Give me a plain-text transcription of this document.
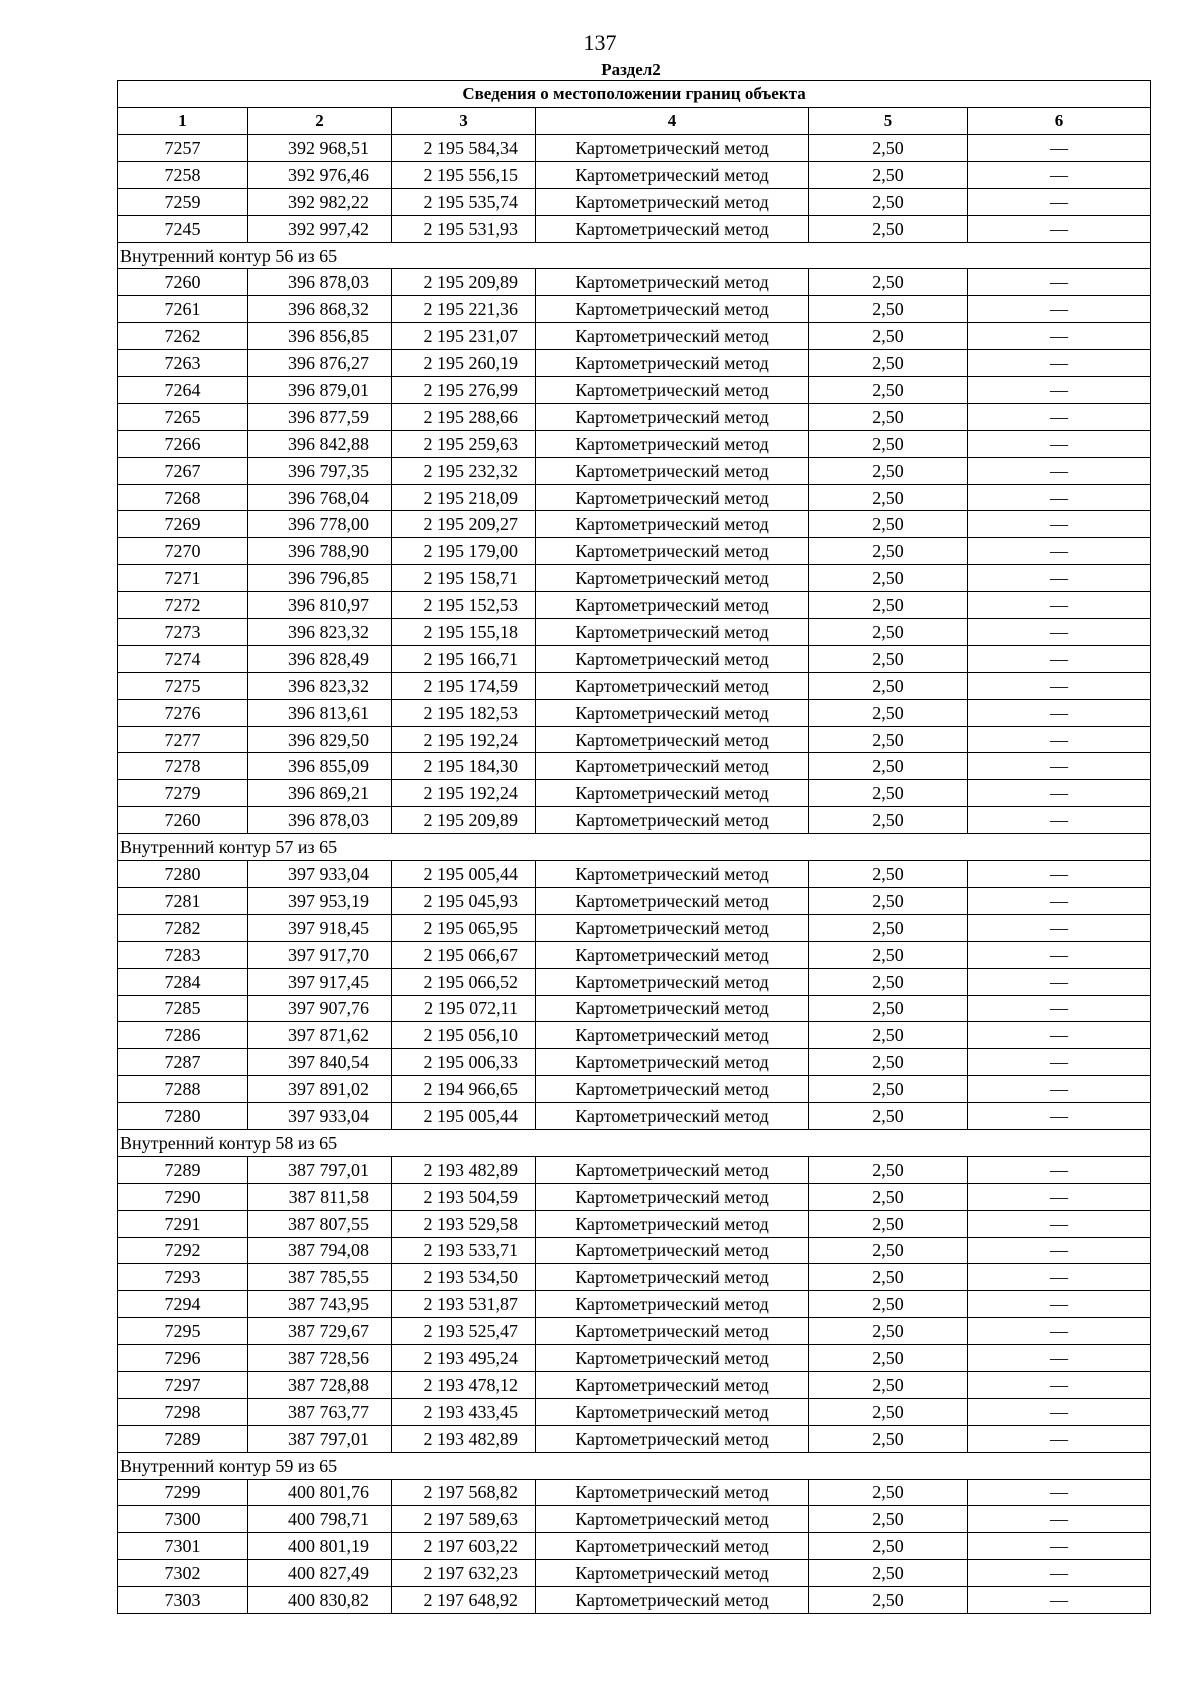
137
Раздел2
Сведения о местоположении границ объекта					
1	2	3	4	5	6
7257	392 968,51	2 195 584,34	Картометрический метод	2,50	—
7258	392 976,46	2 195 556,15	Картометрический метод	2,50	—
7259	392 982,22	2 195 535,74	Картометрический метод	2,50	—
7245	392 997,42	2 195 531,93	Картометрический метод	2,50	—
Внутренний контур 56 из 65					
7260	396 878,03	2 195 209,89	Картометрический метод	2,50	—
7261	396 868,32	2 195 221,36	Картометрический метод	2,50	—
7262	396 856,85	2 195 231,07	Картометрический метод	2,50	—
7263	396 876,27	2 195 260,19	Картометрический метод	2,50	—
7264	396 879,01	2 195 276,99	Картометрический метод	2,50	—
7265	396 877,59	2 195 288,66	Картометрический метод	2,50	—
7266	396 842,88	2 195 259,63	Картометрический метод	2,50	—
7267	396 797,35	2 195 232,32	Картометрический метод	2,50	—
7268	396 768,04	2 195 218,09	Картометрический метод	2,50	—
7269	396 778,00	2 195 209,27	Картометрический метод	2,50	—
7270	396 788,90	2 195 179,00	Картометрический метод	2,50	—
7271	396 796,85	2 195 158,71	Картометрический метод	2,50	—
7272	396 810,97	2 195 152,53	Картометрический метод	2,50	—
7273	396 823,32	2 195 155,18	Картометрический метод	2,50	—
7274	396 828,49	2 195 166,71	Картометрический метод	2,50	—
7275	396 823,32	2 195 174,59	Картометрический метод	2,50	—
7276	396 813,61	2 195 182,53	Картометрический метод	2,50	—
7277	396 829,50	2 195 192,24	Картометрический метод	2,50	—
7278	396 855,09	2 195 184,30	Картометрический метод	2,50	—
7279	396 869,21	2 195 192,24	Картометрический метод	2,50	—
7260	396 878,03	2 195 209,89	Картометрический метод	2,50	—
Внутренний контур 57 из 65					
7280	397 933,04	2 195 005,44	Картометрический метод	2,50	—
7281	397 953,19	2 195 045,93	Картометрический метод	2,50	—
7282	397 918,45	2 195 065,95	Картометрический метод	2,50	—
7283	397 917,70	2 195 066,67	Картометрический метод	2,50	—
7284	397 917,45	2 195 066,52	Картометрический метод	2,50	—
7285	397 907,76	2 195 072,11	Картометрический метод	2,50	—
7286	397 871,62	2 195 056,10	Картометрический метод	2,50	—
7287	397 840,54	2 195 006,33	Картометрический метод	2,50	—
7288	397 891,02	2 194 966,65	Картометрический метод	2,50	—
7280	397 933,04	2 195 005,44	Картометрический метод	2,50	—
Внутренний контур 58 из 65					
7289	387 797,01	2 193 482,89	Картометрический метод	2,50	—
7290	387 811,58	2 193 504,59	Картометрический метод	2,50	—
7291	387 807,55	2 193 529,58	Картометрический метод	2,50	—
7292	387 794,08	2 193 533,71	Картометрический метод	2,50	—
7293	387 785,55	2 193 534,50	Картометрический метод	2,50	—
7294	387 743,95	2 193 531,87	Картометрический метод	2,50	—
7295	387 729,67	2 193 525,47	Картометрический метод	2,50	—
7296	387 728,56	2 193 495,24	Картометрический метод	2,50	—
7297	387 728,88	2 193 478,12	Картометрический метод	2,50	—
7298	387 763,77	2 193 433,45	Картометрический метод	2,50	—
7289	387 797,01	2 193 482,89	Картометрический метод	2,50	—
Внутренний контур 59 из 65					
7299	400 801,76	2 197 568,82	Картометрический метод	2,50	—
7300	400 798,71	2 197 589,63	Картометрический метод	2,50	—
7301	400 801,19	2 197 603,22	Картометрический метод	2,50	—
7302	400 827,49	2 197 632,23	Картометрический метод	2,50	—
7303	400 830,82	2 197 648,92	Картометрический метод	2,50	—
